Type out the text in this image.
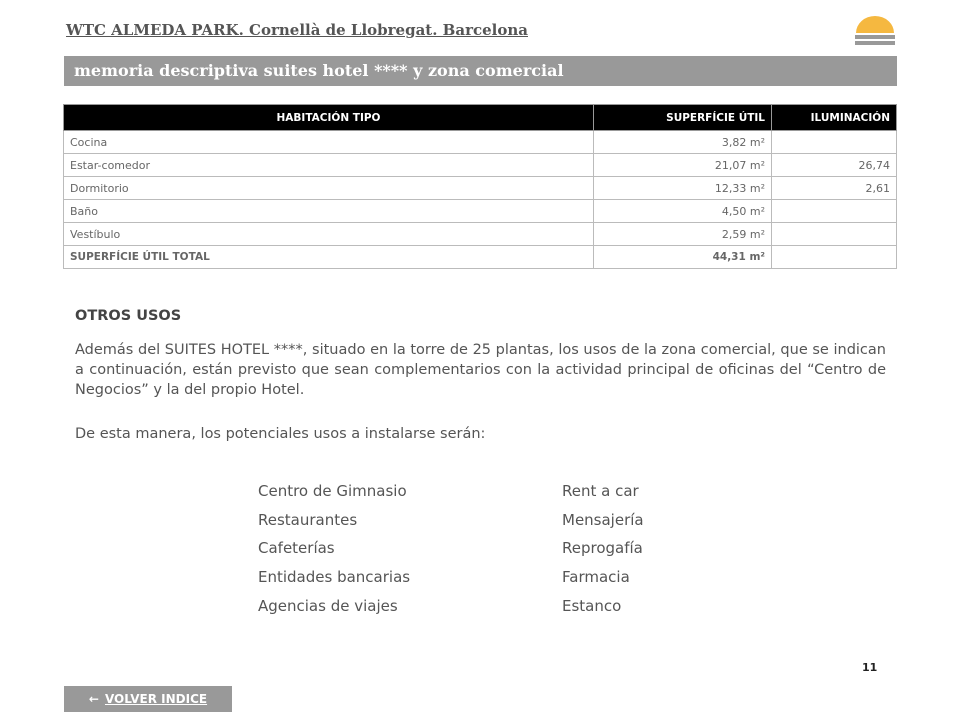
WTC ALMEDA PARK. Cornellà de Llobregat. Barcelona
memoria descriptiva suites hotel **** y zona comercial
HABITACIÓN TIPO	SUPERFÍCIE ÚTIL	ILUMINACIÓN
Cocina	3,82 m²	
Estar-comedor	21,07 m²	26,74
Dormitorio	12,33 m²	2,61
Baño	4,50 m²	
Vestíbulo	2,59 m²	
SUPERFÍCIE ÚTIL TOTAL	44,31 m²	
OTROS USOS
Además del SUITES HOTEL ****, situado en la torre de 25 plantas, los usos de la zona comercial, que se indican a continuación, están previsto que sean complementarios con la actividad principal de oficinas del “Centro de Negocios” y la del propio Hotel.
De esta manera, los potenciales usos a instalarse serán:
Centro de Gimnasio
Restaurantes
Cafeterías
Entidades bancarias
Agencias de viajes
Rent a car
Mensajería
Reprogafía
Farmacia
Estanco
11
← VOLVER INDICE
